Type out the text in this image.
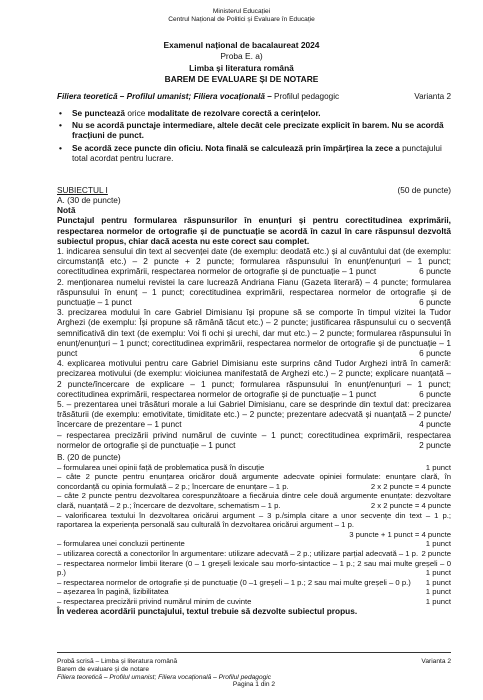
Ministerul Educației
Centrul Național de Politici și Evaluare în Educație
Examenul național de bacalaureat 2024
Proba E. a)
Limba și literatura română
BAREM DE EVALUARE ȘI DE NOTARE
Filiera teoretică – Profilul umanist; Filiera vocațională – Profilul pedagogic	Varianta 2
• Se punctează orice modalitate de rezolvare corectă a cerințelor.
• Nu se acordă punctaje intermediare, altele decât cele precizate explicit în barem. Nu se acordă fracțiuni de punct.
• Se acordă zece puncte din oficiu. Nota finală se calculează prin împărțirea la zece a punctajului total acordat pentru lucrare.
SUBIECTUL I	(50 de puncte)

A. (30 de puncte)

Notă

Punctajul pentru formularea răspunsurilor în enunțuri și pentru corectitudinea exprimării, respectarea normelor de ortografie și de punctuație se acordă în cazul în care răspunsul dezvoltă subiectul propus, chiar dacă acesta nu este corect sau complet.

1. indicarea sensului din text al secvenței date (de exemplu: deodată etc.) și al cuvântului dat (de exemplu: circumstanță etc.) – 2 puncte + 2 puncte; formularea răspunsului în enunț/enunțuri – 1 punct; corectitudinea exprimării, respectarea normelor de ortografie și de punctuație – 1 punct	6 puncte

2. menționarea numelui revistei la care lucrează Andriana Fianu (Gazeta literară) – 4 puncte; formularea răspunsului în enunț – 1 punct; corectitudinea exprimării, respectarea normelor de ortografie și de punctuație – 1 punct	6 puncte

3. precizarea modului în care Gabriel Dimisianu își propune să se comporte în timpul vizitei la Tudor Arghezi (de exemplu: Își propune să rămână tăcut etc.) – 2 puncte; justificarea răspunsului cu o secvență semnificativă din text (de exemplu: Voi fi ochi și urechi, dar mut etc.) – 2 puncte; formularea răspunsului în enunț/enunțuri – 1 punct; corectitudinea exprimării, respectarea normelor de ortografie și de punctuație – 1 punct	6 puncte

4. explicarea motivului pentru care Gabriel Dimisianu este surprins când Tudor Arghezi intră în cameră: precizarea motivului (de exemplu: vioiciunea manifestată de Arghezi etc.) – 2 puncte; explicare nuanțată – 2 puncte/încercare de explicare – 1 punct; formularea răspunsului în enunț/enunțuri – 1 punct; corectitudinea exprimării, respectarea normelor de ortografie și de punctuație – 1 punct	6 puncte

5. – prezentarea unei trăsături morale a lui Gabriel Dimisianu, care se desprinde din textul dat: precizarea trăsăturii (de exemplu: emotivitate, timiditate etc.) – 2 puncte; prezentare adecvată și nuanțată – 2 puncte/încercare de prezentare – 1 punct	4 puncte

– respectarea precizării privind numărul de cuvinte – 1 punct; corectitudinea exprimării, respectarea normelor de ortografie și de punctuație – 1 punct	2 puncte

B. (20 de puncte)

– formularea unei opinii față de problematica pusă în discuție	1 punct

– câte 2 puncte pentru enunțarea oricăror două argumente adecvate opiniei formulate: enunțare clară, în concordanță cu opinia formulată – 2 p.; încercare de enunțare – 1 p.	2 x 2 puncte = 4 puncte

– câte 2 puncte pentru dezvoltarea corespunzătoare a fiecăruia dintre cele două argumente enunțate: dezvoltare clară, nuanțată – 2 p.; încercare de dezvoltare, schematism – 1 p.	2 x 2 puncte = 4 puncte

– valorificarea textului în dezvoltarea oricărui argument – 3 p./simpla citare a unor secvențe din text – 1 p.; raportarea la experiența personală sau culturală în dezvoltarea oricărui argument – 1 p.
3 puncte + 1 punct = 4 puncte

– formularea unei concluzii pertinente	1 punct

– utilizarea corectă a conectorilor în argumentare: utilizare adecvată – 2 p.; utilizare parțial adecvată – 1 p. 2 puncte

– respectarea normelor limbii literare (0 – 1 greșeli lexicale sau morfo-sintactice – 1 p.; 2 sau mai multe greșeli – 0 p.)	1 punct

– respectarea normelor de ortografie și de punctuație (0 –1 greșeli – 1 p.; 2 sau mai multe greșeli – 0 p.) 1 punct

– așezarea în pagină, lizibilitatea	1 punct

– respectarea precizării privind numărul minim de cuvinte	1 punct

În vederea acordării punctajului, textul trebuie să dezvolte subiectul propus.

Probă scrisă – Limba și literatura română	Varianta 2
Barem de evaluare și de notare
Filiera teoretică – Profilul umanist; Filiera vocațională – Profilul pedagogic
Pagina 1 din 2
